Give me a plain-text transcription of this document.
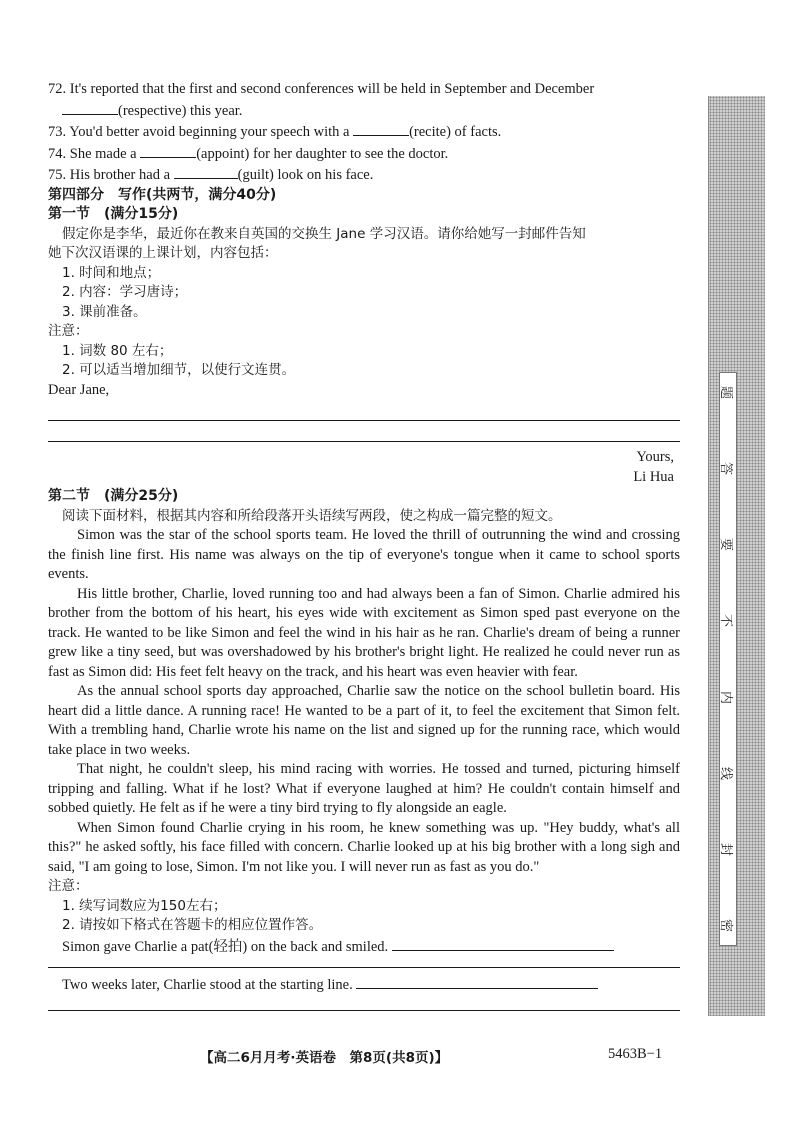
72. It's reported that the first and second conferences will be held in September and December
(respective) this year.
73. You'd better avoid beginning your speech with a	(recite) of facts.
74. She made a	(appoint) for her daughter to see the doctor.
75. His brother had a	(guilt) look on his face.
第四部分　写作(共两节，满分40分)
第一节　(满分15分)
假定你是李华，最近你在教来自英国的交换生 Jane 学习汉语。请你给她写一封邮件告知
她下次汉语课的上课计划，内容包括：
1. 时间和地点；
2. 内容：学习唐诗；
3. 课前准备。
注意：
1. 词数 80 左右；
2. 可以适当增加细节，以使行文连贯。
Dear Jane,
Yours,
Li Hua
第二节　(满分25分)
阅读下面材料，根据其内容和所给段落开头语续写两段，使之构成一篇完整的短文。

Simon was the star of the school sports team. He loved the thrill of outrunning the wind and crossing the finish line first. His name was always on the tip of everyone's tongue when it came to school sports events.

His little brother, Charlie, loved running too and had always been a fan of Simon. Charlie admired his brother from the bottom of his heart, his eyes wide with excitement as Simon sped past everyone on the track. He wanted to be like Simon and feel the wind in his hair as he ran. Charlie's dream of being a runner grew like a tiny seed, but was overshadowed by his brother's bright light. He realized he could never run as fast as Simon did: His feet felt heavy on the track, and his heart was even heavier with fear.

As the annual school sports day approached, Charlie saw the notice on the school bulletin board. His heart did a little dance. A running race! He wanted to be a part of it, to feel the excitement that Simon felt. With a trembling hand, Charlie wrote his name on the list and signed up for the running race, which would take place in two weeks.

That night, he couldn't sleep, his mind racing with worries. He tossed and turned, picturing himself tripping and falling. What if he lost? What if everyone laughed at him? He couldn't contain himself and sobbed quietly. He felt as if he were a tiny bird trying to fly alongside an eagle.

When Simon found Charlie crying in his room, he knew something was up. "Hey buddy, what's all this?" he asked softly, his face filled with concern. Charlie looked up at his big brother with a long sigh and said, "I am going to lose, Simon. I'm not like you. I will never run as fast as you do."

注意：
1. 续写词数应为150左右；
2. 请按如下格式在答题卡的相应位置作答。
Simon gave Charlie a pat(轻拍) on the back and smiled.
Two weeks later, Charlie stood at the starting line.
【高二6月月考·英语卷　第8页(共8页)】	5463B−1
题
答
要
不
内
线
封
密
